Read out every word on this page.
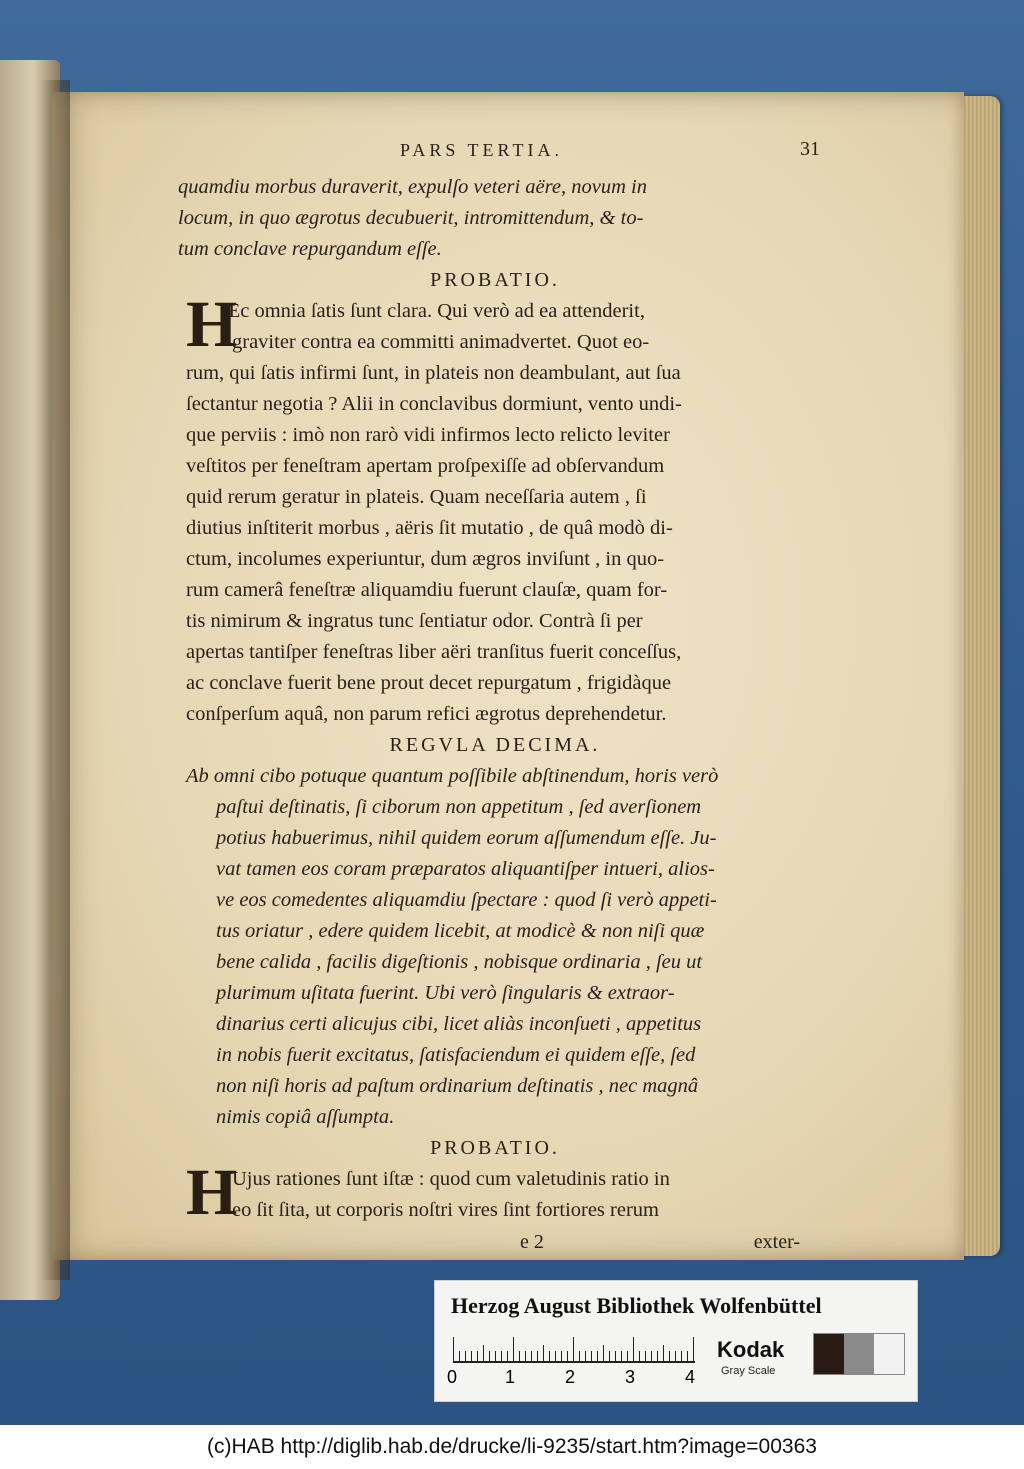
PARS TERTIA.	31
quamdiu morbus duraverit, expulſo veteri aëre, novum in
locum, in quo ægrotus decubuerit, intromittendum, & to-
tum conclave repurgandum eſſe.
PROBATIO.
H
Æc omnia ſatis ſunt clara. Qui verò ad ea attenderit,
graviter contra ea committi animadvertet. Quot eo-
rum, qui ſatis infirmi ſunt, in plateis non deambulant, aut ſua
ſectantur negotia ? Alii in conclavibus dormiunt, vento undi-
que perviis : imò non rarò vidi infirmos lecto relicto leviter
veſtitos per feneſtram apertam proſpexiſſe ad obſervandum
quid rerum geratur in plateis. Quam neceſſaria autem , ſi
diutius inſtiterit morbus , aëris ſit mutatio , de quâ modò di-
ctum, incolumes experiuntur, dum ægros inviſunt , in quo-
rum camerâ feneſtræ aliquamdiu fuerunt clauſæ, quam for-
tis nimirum & ingratus tunc ſentiatur odor. Contrà ſi per
apertas tantiſper feneſtras liber aëri tranſitus fuerit conceſſus,
ac conclave fuerit bene prout decet repurgatum , frigidàque
conſperſum aquâ, non parum refici ægrotus deprehendetur.
REGVLA DECIMA.
Ab omni cibo potuque quantum poſſibile abſtinendum, horis verò
paſtui deſtinatis, ſi ciborum non appetitum , ſed averſionem
potius habuerimus, nihil quidem eorum aſſumendum eſſe. Ju-
vat tamen eos coram præparatos aliquantiſper intueri, alios-
ve eos comedentes aliquamdiu ſpectare : quod ſi verò appeti-
tus oriatur , edere quidem licebit, at modicè & non niſi quæ
bene calida , facilis digeſtionis , nobisque ordinaria , ſeu ut
plurimum uſitata fuerint. Ubi verò ſingularis & extraor-
dinarius certi alicujus cibi, licet aliàs inconſueti , appetitus
in nobis fuerit excitatus, ſatisfaciendum ei quidem eſſe, ſed
non niſi horis ad paſtum ordinarium deſtinatis , nec magnâ
nimis copiâ aſſumpta.
PROBATIO.
H
Ujus rationes ſunt iſtæ : quod cum valetudinis ratio in
eo ſit ſita, ut corporis noſtri vires ſint fortiores rerum
e 2	exter-
Herzog August Bibliothek Wolfenbüttel
0	1	2	3	4
Kodak
Gray Scale
(c)HAB http://diglib.hab.de/drucke/li-9235/start.htm?image=00363
